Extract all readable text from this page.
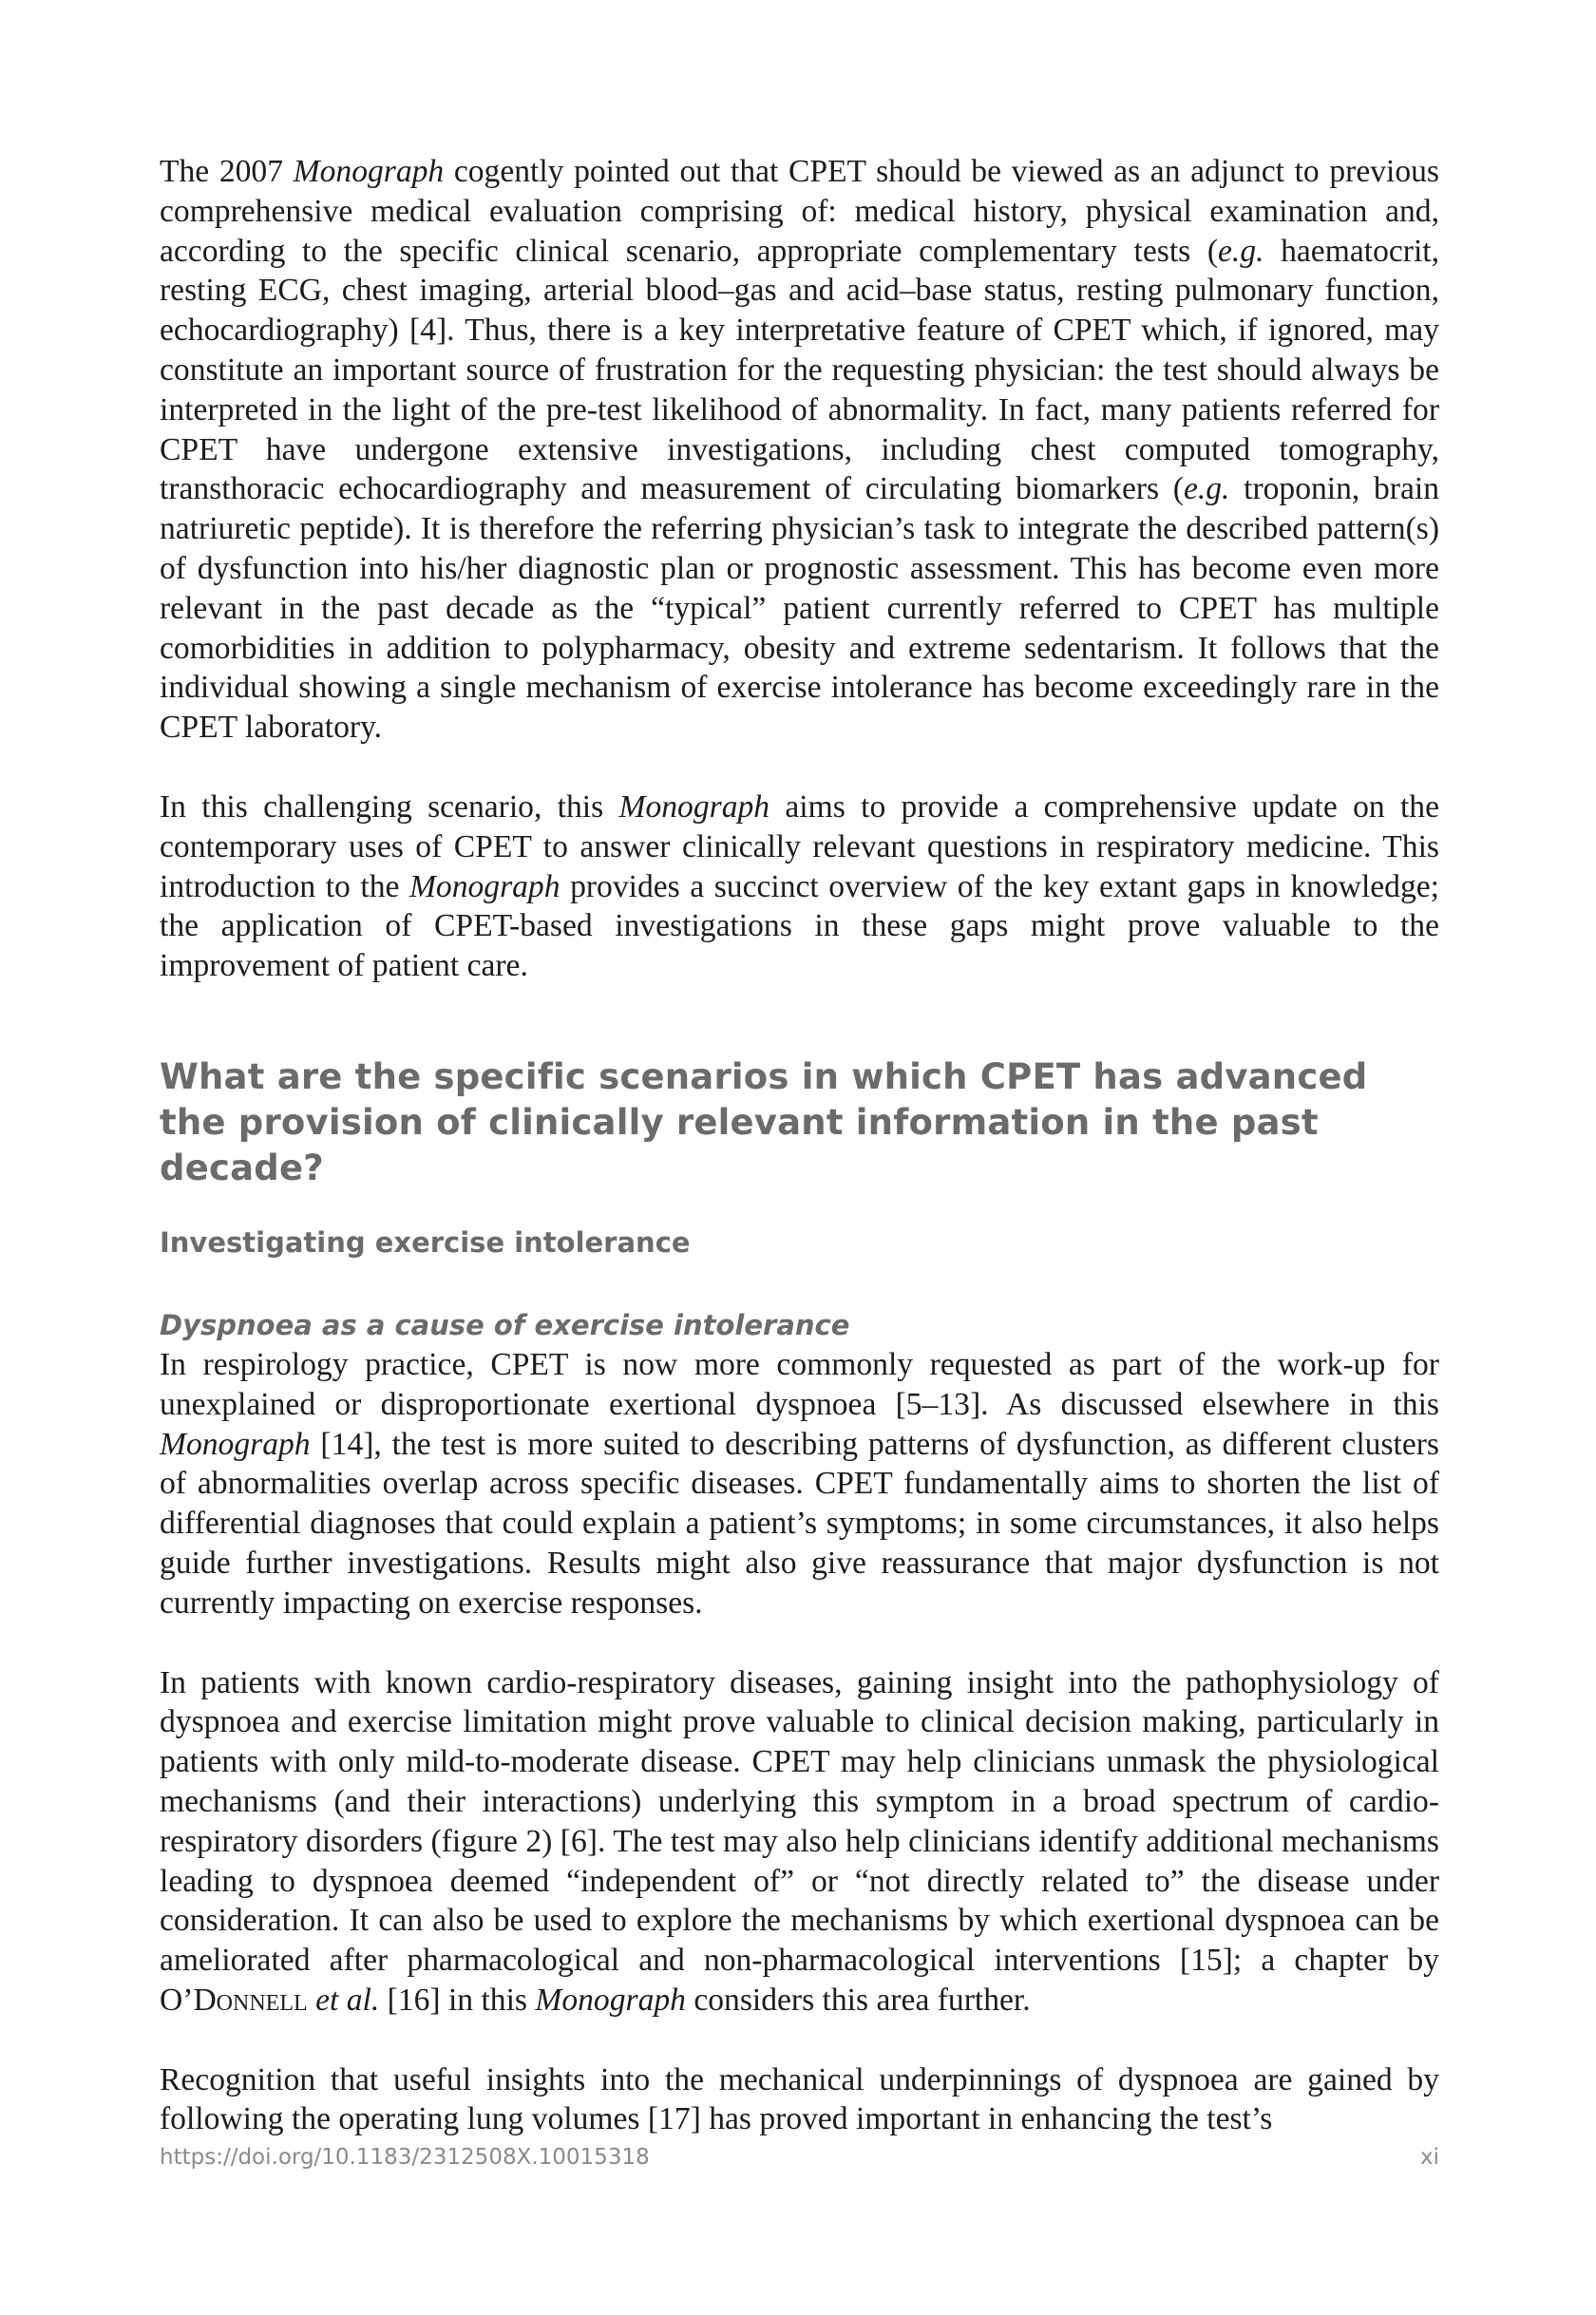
The 2007 Monograph cogently pointed out that CPET should be viewed as an adjunct to previous comprehensive medical evaluation comprising of: medical history, physical examination and, according to the specific clinical scenario, appropriate complementary tests (e.g. haematocrit, resting ECG, chest imaging, arterial blood–gas and acid–base status, resting pulmonary function, echocardiography) [4]. Thus, there is a key interpretative feature of CPET which, if ignored, may constitute an important source of frustration for the requesting physician: the test should always be interpreted in the light of the pre-test likelihood of abnormality. In fact, many patients referred for CPET have undergone extensive investigations, including chest computed tomography, transthoracic echocardiography and measurement of circulating biomarkers (e.g. troponin, brain natriuretic peptide). It is therefore the referring physician’s task to integrate the described pattern(s) of dysfunction into his/her diagnostic plan or prognostic assessment. This has become even more relevant in the past decade as the “typical” patient currently referred to CPET has multiple comorbidities in addition to polypharmacy, obesity and extreme sedentarism. It follows that the individual showing a single mechanism of exercise intolerance has become exceedingly rare in the CPET laboratory.

In this challenging scenario, this Monograph aims to provide a comprehensive update on the contemporary uses of CPET to answer clinically relevant questions in respiratory medicine. This introduction to the Monograph provides a succinct overview of the key extant gaps in knowledge; the application of CPET-based investigations in these gaps might prove valuable to the improvement of patient care.

What are the specific scenarios in which CPET has advanced the provision of clinically relevant information in the past decade?
Investigating exercise intolerance
Dyspnoea as a cause of exercise intolerance

In respirology practice, CPET is now more commonly requested as part of the work-up for unexplained or disproportionate exertional dyspnoea [5–13]. As discussed elsewhere in this Monograph [14], the test is more suited to describing patterns of dysfunction, as different clusters of abnormalities overlap across specific diseases. CPET fundamentally aims to shorten the list of differential diagnoses that could explain a patient’s symptoms; in some circumstances, it also helps guide further investigations. Results might also give reassurance that major dysfunction is not currently impacting on exercise responses.

In patients with known cardio-respiratory diseases, gaining insight into the pathophysiology of dyspnoea and exercise limitation might prove valuable to clinical decision making, particularly in patients with only mild-to-moderate disease. CPET may help clinicians unmask the physiological mechanisms (and their interactions) underlying this symptom in a broad spectrum of cardio-respiratory disorders (figure 2) [6]. The test may also help clinicians identify additional mechanisms leading to dyspnoea deemed “independent of” or “not directly related to” the disease under consideration. It can also be used to explore the mechanisms by which exertional dyspnoea can be ameliorated after pharmacological and non-pharmacological interventions [15]; a chapter by O’Donnell et al. [16] in this Monograph considers this area further.

Recognition that useful insights into the mechanical underpinnings of dyspnoea are gained by following the operating lung volumes [17] has proved important in enhancing the test’s

https://doi.org/10.1183/2312508X.10015318	xi
